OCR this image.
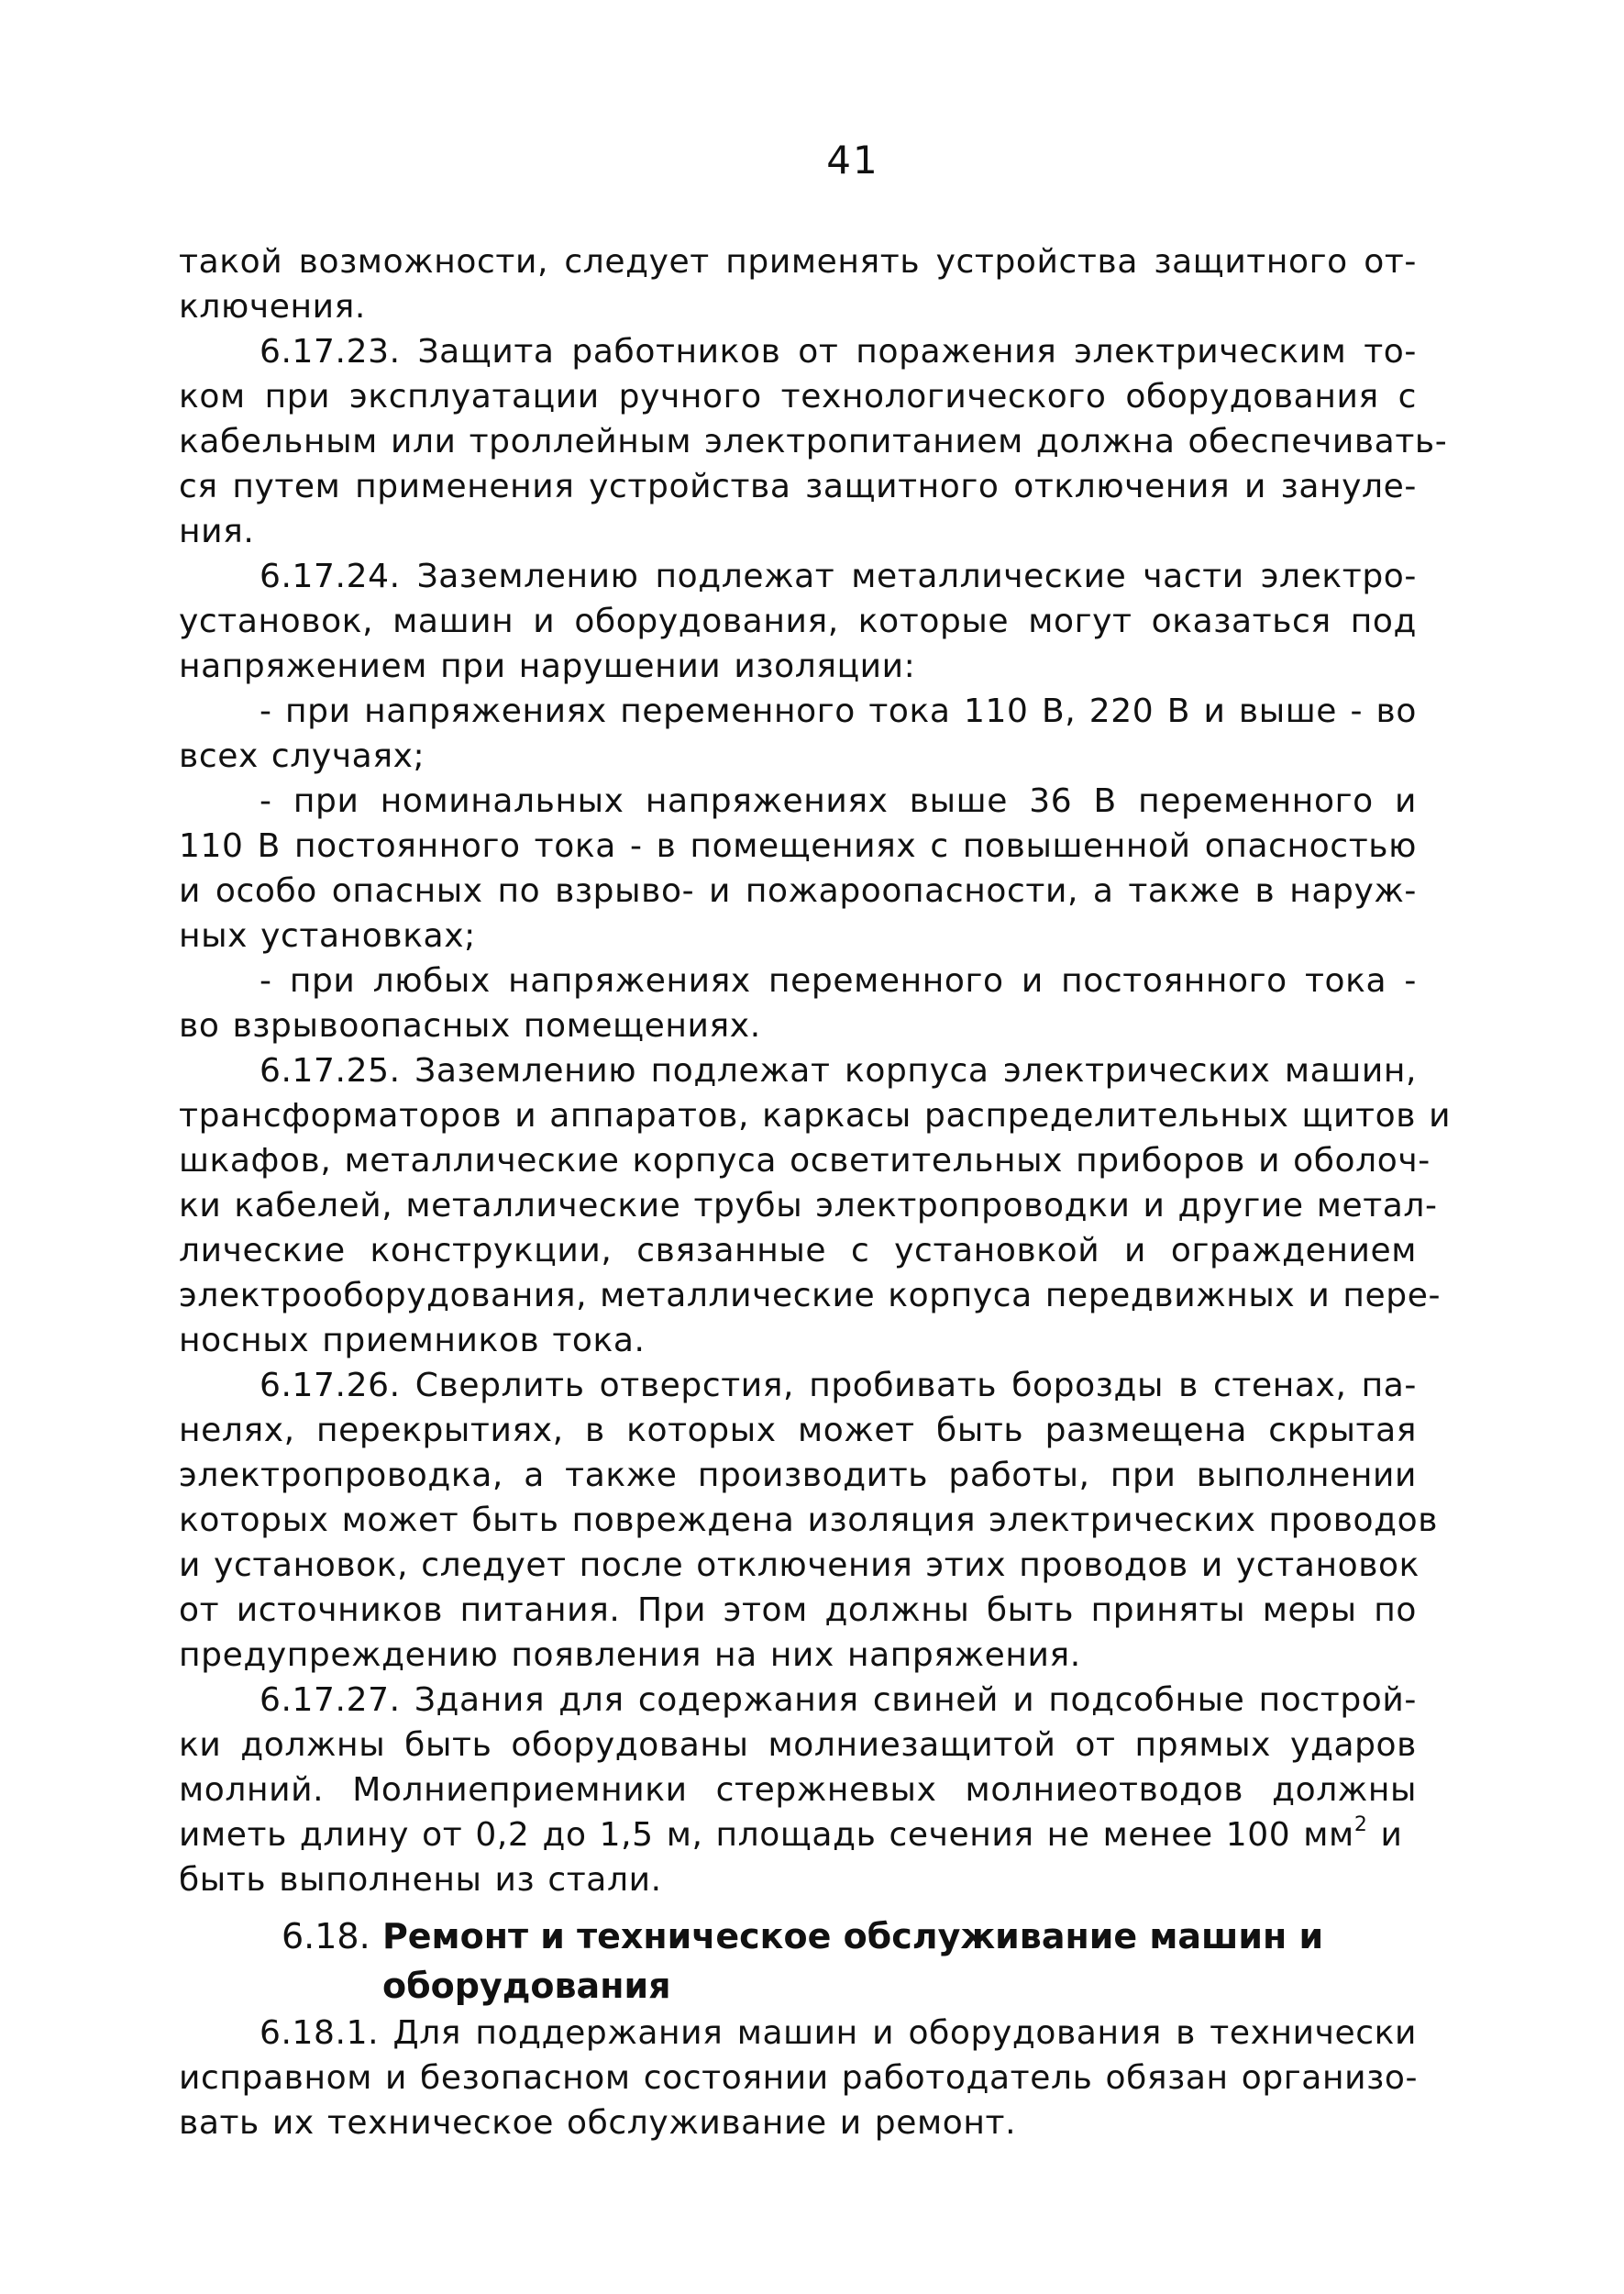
41
такой возможности, следует применять устройства защитного от-
ключения.
6.17.23. Защита работников от поражения электрическим то-
ком при эксплуатации ручного технологического оборудования с
кабельным или троллейным электропитанием должна обеспечивать-
ся путем применения устройства защитного отключения и зануле-
ния.
6.17.24. Заземлению подлежат металлические части электро-
установок, машин и оборудования, которые могут оказаться под
напряжением при нарушении изоляции:
- при напряжениях переменного тока 110 В, 220 В и выше - во
всех случаях;
- при номинальных напряжениях выше 36 В переменного и
110 В постоянного тока - в помещениях с повышенной опасностью
и особо опасных по взрыво- и пожароопасности, а также в наруж-
ных установках;
- при любых напряжениях переменного и постоянного тока -
во взрывоопасных помещениях.
6.17.25. Заземлению подлежат корпуса электрических машин,
трансформаторов и аппаратов, каркасы распределительных щитов и
шкафов, металлические корпуса осветительных приборов и оболоч-
ки кабелей, металлические трубы электропроводки и другие метал-
лические конструкции, связанные с установкой и ограждением
электрооборудования, металлические корпуса передвижных и пере-
носных приемников тока.
6.17.26. Сверлить отверстия, пробивать борозды в стенах, па-
нелях, перекрытиях, в которых может быть размещена скрытая
электропроводка, а также производить работы, при выполнении
которых может быть повреждена изоляция электрических проводов
и установок, следует после отключения этих проводов и установок
от источников питания. При этом должны быть приняты меры по
предупреждению появления на них напряжения.
6.17.27. Здания для содержания свиней и подсобные построй-
ки должны быть оборудованы молниезащитой от прямых ударов
молний. Молниеприемники стержневых молниеотводов должны
иметь длину от 0,2 до 1,5 м, площадь сечения не менее 100 $мм^2$ и
быть выполнены из стали.
6.18. Ремонт и техническое обслуживание машин и
оборудования
6.18.1. Для поддержания машин и оборудования в технически
исправном и безопасном состоянии работодатель обязан организо-
вать их техническое обслуживание и ремонт.
